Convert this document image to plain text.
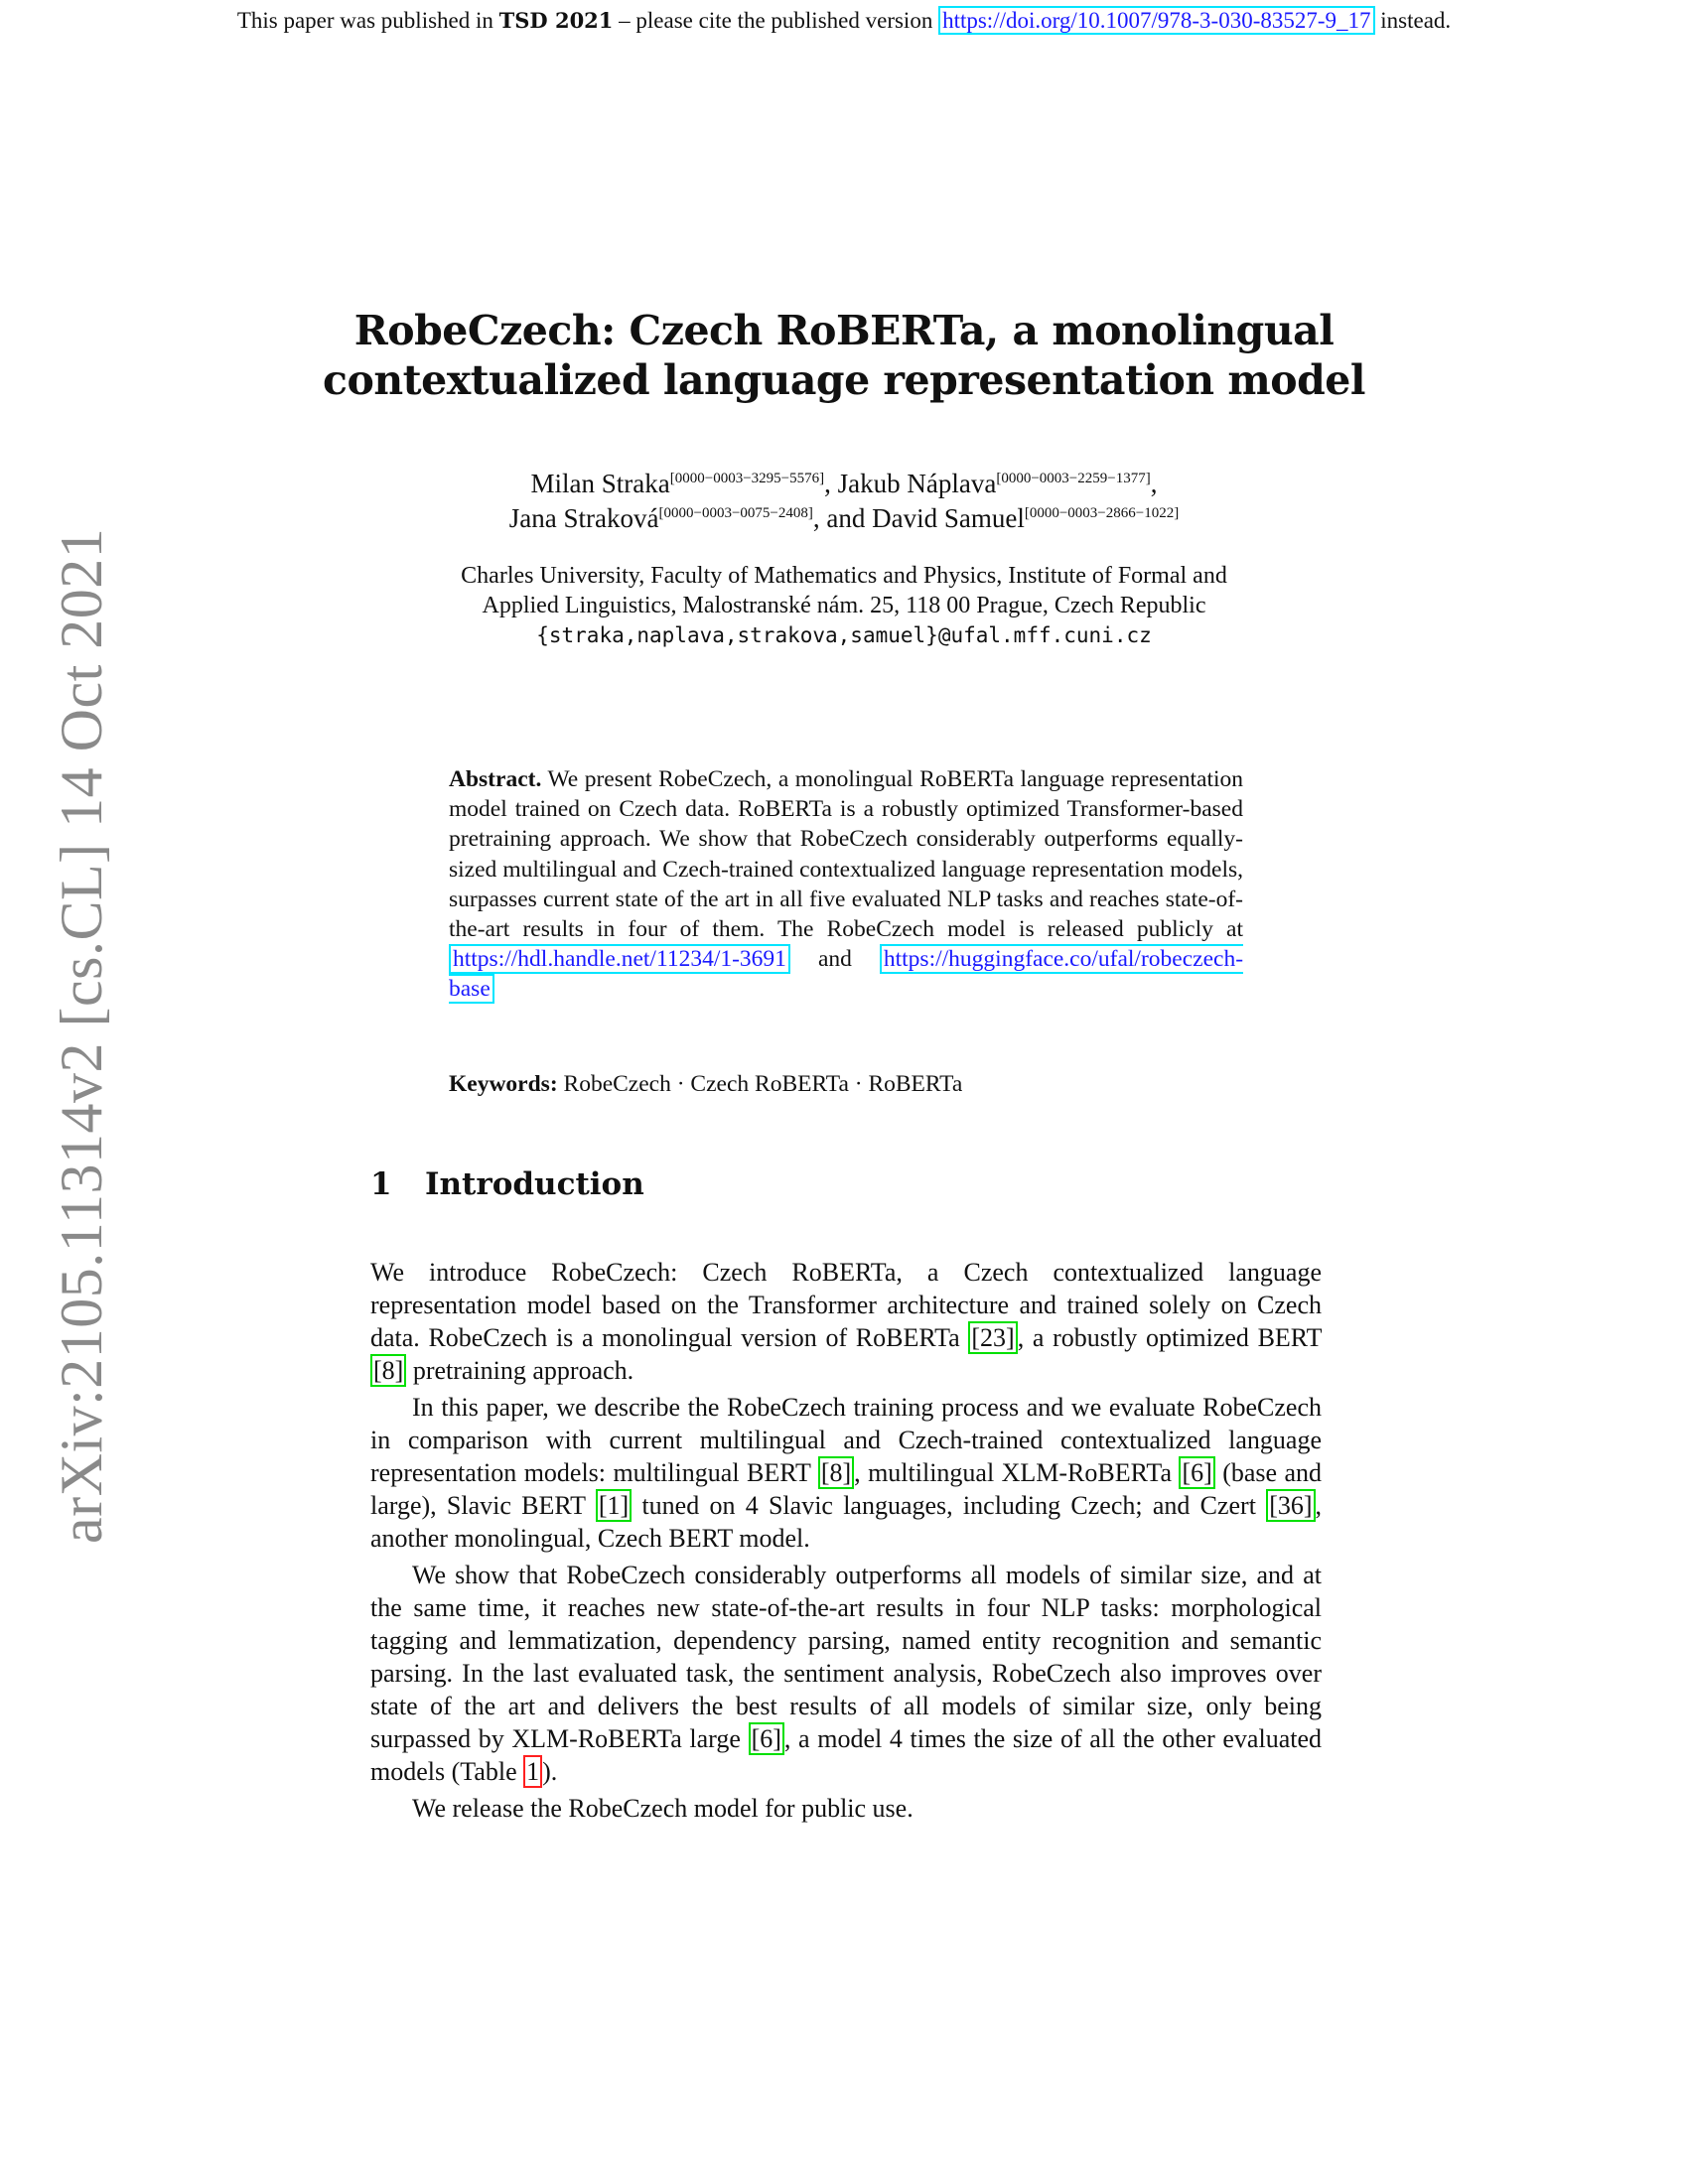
This paper was published in TSD 2021 – please cite the published version https://doi.org/10.1007/978-3-030-83527-9_17 instead.
arXiv:2105.11314v2 [cs.CL] 14 Oct 2021
RobeCzech: Czech RoBERTa, a monolingual
contextualized language representation model
Milan Straka[0000−0003−3295−5576], Jakub Náplava[0000−0003−2259−1377],
Jana Straková[0000−0003−0075−2408], and David Samuel[0000−0003−2866−1022]
Charles University, Faculty of Mathematics and Physics, Institute of Formal and
Applied Linguistics, Malostranské nám. 25, 118 00 Prague, Czech Republic
{straka,naplava,strakova,samuel}@ufal.mff.cuni.cz
Abstract. We present RobeCzech, a monolingual RoBERTa language representation model trained on Czech data. RoBERTa is a robustly optimized Transformer-based pretraining approach. We show that RobeCzech considerably outperforms equally-sized multilingual and Czech-trained contextualized language representation models, surpasses current state of the art in all five evaluated NLP tasks and reaches state-of-the-art results in four of them. The RobeCzech model is released publicly at https://hdl.handle.net/11234/1-3691 and https://huggingface.co/ufal/robeczech-base
Keywords: RobeCzech · Czech RoBERTa · RoBERTa
1 Introduction

We introduce RobeCzech: Czech RoBERTa, a Czech contextualized language representation model based on the Transformer architecture and trained solely on Czech data. RobeCzech is a monolingual version of RoBERTa [23] , a robustly optimized BERT [8] pretraining approach.

In this paper, we describe the RobeCzech training process and we evaluate RobeCzech in comparison with current multilingual and Czech-trained contextualized language representation models: multilingual BERT [8] , multilingual XLM-RoBERTa [6] (base and large), Slavic BERT [1] tuned on 4 Slavic languages, including Czech; and Czert [36] , another monolingual, Czech BERT model.

We show that RobeCzech considerably outperforms all models of similar size, and at the same time, it reaches new state-of-the-art results in four NLP tasks: morphological tagging and lemmatization, dependency parsing, named entity recognition and semantic parsing. In the last evaluated task, the sentiment analysis, RobeCzech also improves over state of the art and delivers the best results of all models of similar size, only being surpassed by XLM-RoBERTa large [6] , a model 4 times the size of all the other evaluated models (Table 1 ).

We release the RobeCzech model for public use.
